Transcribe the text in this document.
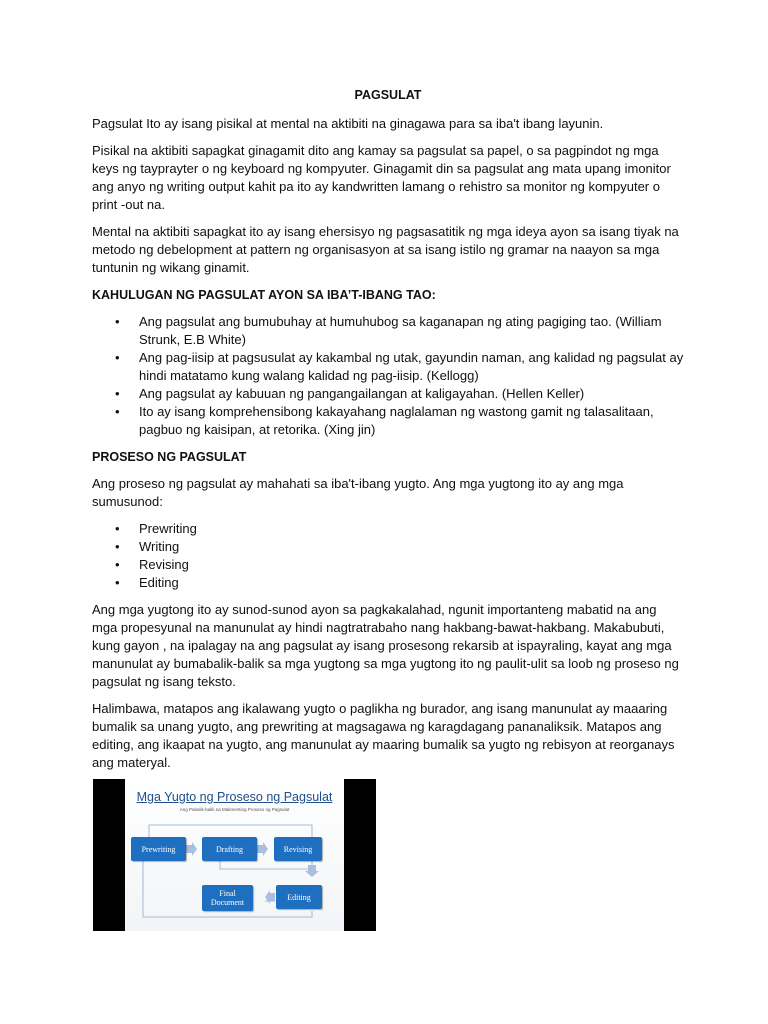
PAGSULAT

Pagsulat Ito ay isang pisikal at mental na aktibiti na ginagawa para sa iba't ibang layunin.

Pisikal na aktibiti sapagkat ginagamit dito ang kamay sa pagsulat sa papel, o sa pagpindot ng mga keys ng tayprayter o ng keyboard ng kompyuter. Ginagamit din sa pagsulat ang mata upang imonitor ang anyo ng writing output kahit pa ito ay kandwritten lamang o rehistro sa monitor ng kompyuter o print -out na.

Mental na aktibiti sapagkat ito ay isang ehersisyo ng pagsasatitik ng mga ideya ayon sa isang tiyak na metodo ng debelopment at pattern ng organisasyon at sa isang istilo ng gramar na naayon sa mga tuntunin ng wikang ginamit.

KAHULUGAN NG PAGSULAT AYON SA IBA’T-IBANG TAO:
• Ang pagsulat ang bumubuhay at humuhubog sa kaganapan ng ating pagiging tao. (William Strunk, E.B White)
• Ang pag-iisip at pagsusulat ay kakambal ng utak, gayundin naman, ang kalidad ng pagsulat ay hindi matatamo kung walang kalidad ng pag-iisip. (Kellogg)
• Ang pagsulat ay kabuuan ng pangangailangan at kaligayahan. (Hellen Keller)
• Ito ay isang komprehensibong kakayahang naglalaman ng wastong gamit ng talasalitaan, pagbuo ng kaisipan, at retorika. (Xing jin)
PROSESO NG PAGSULAT

Ang proseso ng pagsulat ay mahahati sa iba't-ibang yugto. Ang mga yugtong ito ay ang mga sumusunod:

• Prewriting
• Writing
• Revising
• Editing

Ang mga yugtong ito ay sunod-sunod ayon sa pagkakalahad, ngunit importanteng mabatid na ang mga propesyunal na manunulat ay hindi nagtratrabaho nang hakbang-bawat-hakbang. Makabubuti, kung gayon , na ipalagay na ang pagsulat ay isang prosesong rekarsib at ispayraling, kayat ang mga manunulat ay bumabalik-balik sa mga yugtong sa mga yugtong ito ng paulit-ulit sa loob ng proseso ng pagsulat ng isang teksto.

Halimbawa, matapos ang ikalawang yugto o paglikha ng burador, ang isang manunulat ay maaaring bumalik sa unang yugto, ang prewriting at magsagawa ng karagdagang pananaliksik. Matapos ang editing, ang ikaapat na yugto, ang manunulat ay maaring bumalik sa yugto ng rebisyon at reorganays ang materyal.

Mga Yugto ng Proseso ng Pagsulat
Ang Pabalik-balik na Makmenting Proseso ng Pagsulat
Prewriting	Drafting	Revising
Final Document
Editing
